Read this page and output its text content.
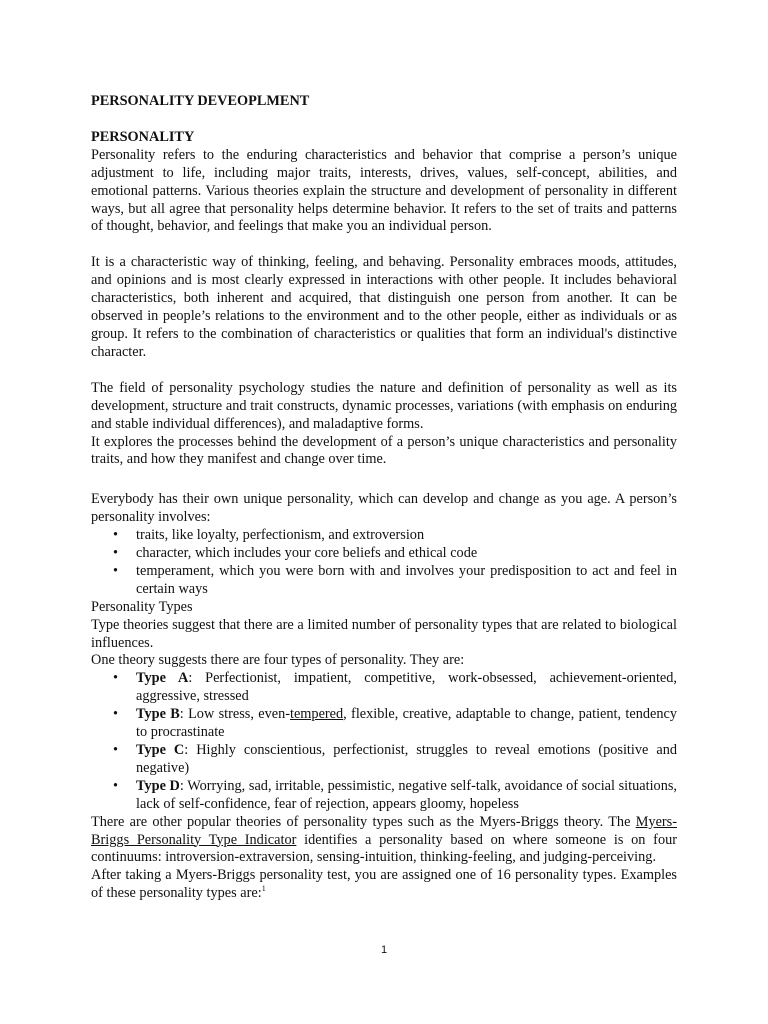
PERSONALITY DEVEOPLMENT

PERSONALITY

Personality refers to the enduring characteristics and behavior that comprise a person’s unique adjustment to life, including major traits, interests, drives, values, self-concept, abilities, and emotional patterns. Various theories explain the structure and development of personality in different ways, but all agree that personality helps determine behavior. It refers to the set of traits and patterns of thought, behavior, and feelings that make you an individual person.

It is a characteristic way of thinking, feeling, and behaving. Personality embraces moods, attitudes, and opinions and is most clearly expressed in interactions with other people. It includes behavioral characteristics, both inherent and acquired, that distinguish one person from another. It can be observed in people’s relations to the environment and to the other people, either as individuals or as group. It refers to the combination of characteristics or qualities that form an individual's distinctive character.

The field of personality psychology studies the nature and definition of personality as well as its development, structure and trait constructs, dynamic processes, variations (with emphasis on enduring and stable individual differences), and maladaptive forms.

It explores the processes behind the development of a person’s unique characteristics and personality traits, and how they manifest and change over time.

Everybody has their own unique personality, which can develop and change as you age. A person’s personality involves:

• traits, like loyalty, perfectionism, and extroversion
• character, which includes your core beliefs and ethical code
• temperament, which you were born with and involves your predisposition to act and feel in certain ways

Personality Types

Type theories suggest that there are a limited number of personality types that are related to biological influences.

One theory suggests there are four types of personality. They are:

• Type A: Perfectionist, impatient, competitive, work-obsessed, achievement-oriented, aggressive, stressed
• Type B: Low stress, even-tempered, flexible, creative, adaptable to change, patient, tendency to procrastinate
• Type C: Highly conscientious, perfectionist, struggles to reveal emotions (positive and negative)
• Type D: Worrying, sad, irritable, pessimistic, negative self-talk, avoidance of social situations, lack of self-confidence, fear of rejection, appears gloomy, hopeless

There are other popular theories of personality types such as the Myers-Briggs theory. The Myers-Briggs Personality Type Indicator identifies a personality based on where someone is on four continuums: introversion-extraversion, sensing-intuition, thinking-feeling, and judging-perceiving.

After taking a Myers-Briggs personality test, you are assigned one of 16 personality types. Examples of these personality types are:$^1$

1
